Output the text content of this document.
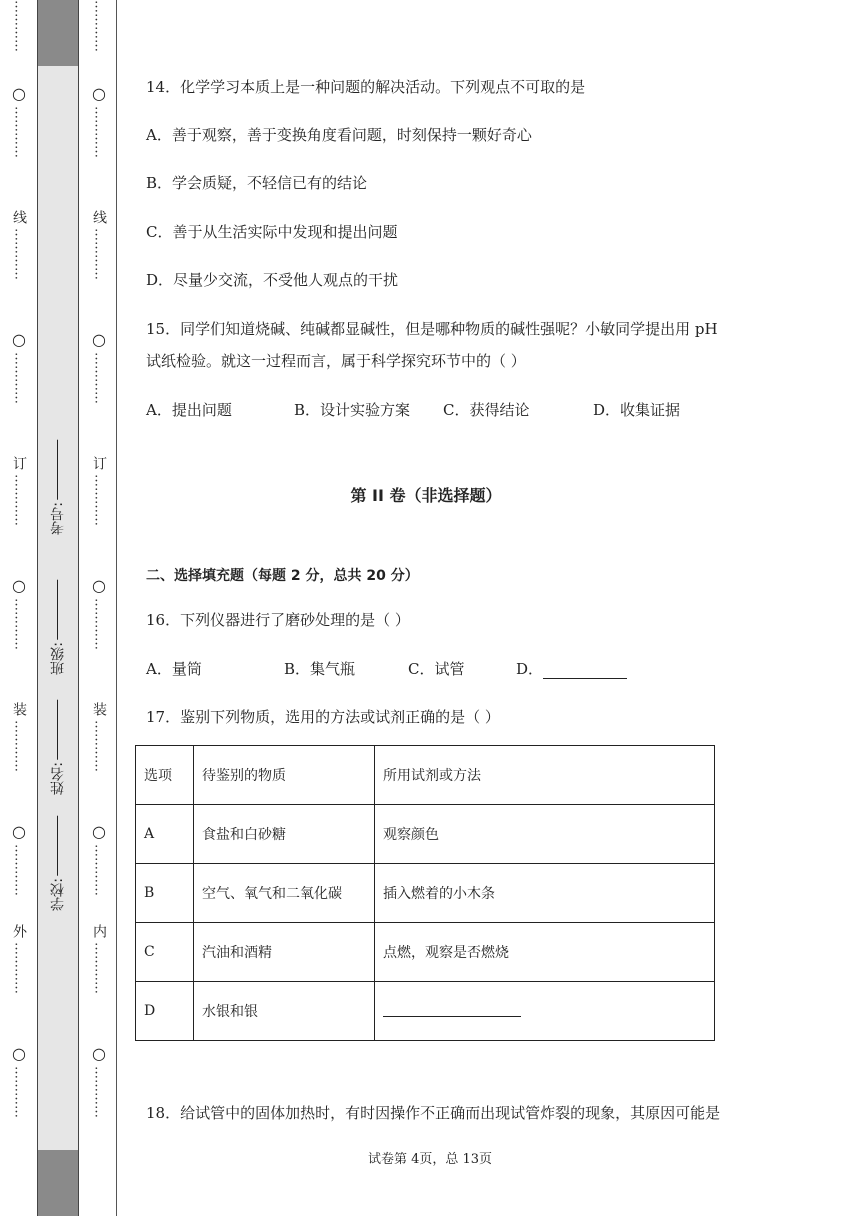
…………
○
…………
线
…………
○
…………
订
…………
○
…………
装
…………
○
…………
外
…………
○
…………
学校:
姓名:
班级:
考号:
…………
○
…………
线
…………
○
…………
订
…………
○
…………
装
…………
○
…………
内
…………
○
…………
14．化学学习本质上是一种问题的解决活动。下列观点不可取的是
A．善于观察，善于变换角度看问题，时刻保持一颗好奇心
B．学会质疑，不轻信已有的结论
C．善于从生活实际中发现和提出问题
D．尽量少交流，不受他人观点的干扰
15．同学们知道烧碱、纯碱都显碱性，但是哪种物质的碱性强呢？小敏同学提出用 pH
试纸检验。就这一过程而言，属于科学探究环节中的（ ）
A．提出问题	B．设计实验方案 C．获得结论	D．收集证据
第 II 卷（非选择题）
二、选择填充题（每题 2 分，总共 20 分）
16．下列仪器进行了磨砂处理的是（ ）
A．量筒	B．集气瓶	C．试管	D．
17．鉴别下列物质，选用的方法或试剂正确的是（ ）
18．给试管中的固体加热时，有时因操作不正确而出现试管炸裂的现象，其原因可能是
选项	待鉴别的物质	所用试剂或方法
A	食盐和白砂糖	观察颜色
B	空气、氧气和二氧化碳	插入燃着的小木条
C	汽油和酒精	点燃，观察是否燃烧
D	水银和银	
试卷第 4页，总 13页
